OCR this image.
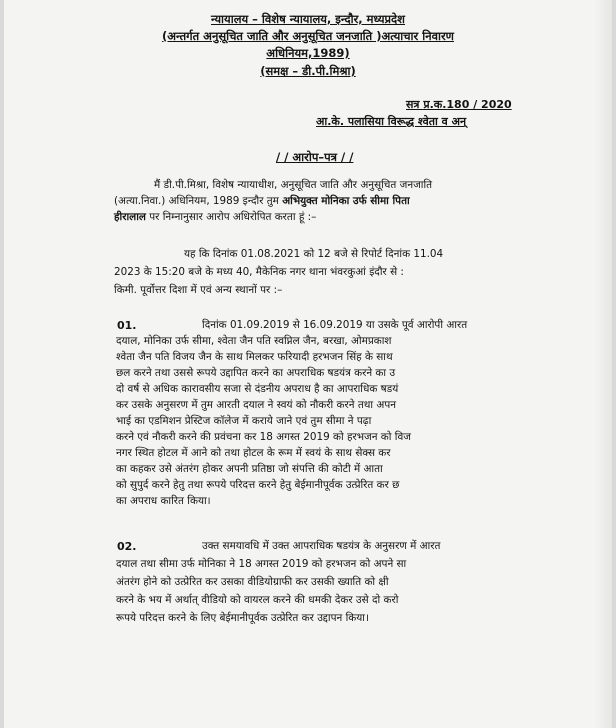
न्यायालय – विशेष न्यायालय, इन्दौर, मध्यप्रदेश
(अन्तर्गत अनुसूचित जाति और अनुसूचित जनजाति )अत्याचार निवारण
अधिनियम,1989)
(समक्ष – डी.पी.मिश्रा)
सत्र प्र.क.180 / 2020
आ.के. पलासिया विरूद्ध श्वेता व अन्
/ / आरोप–पत्र / /
मैं डी.पी.मिश्रा, विशेष न्यायाधीश, अनुसूचित जाति और अनुसूचित जनजाति
(अत्या.निवा.) अधिनियम, 1989 इन्दौर तुम अभियुक्त मोनिका उर्फ सीमा पिता
हीरालाल पर निम्नानुसार आरोप अधिरोपित करता हूं :–
यह कि दिनांक 01.08.2021 को 12 बजे से रिपोर्ट दिनांक 11.04
2023 के 15:20 बजे के मध्य 40, मैकेनिक नगर थाना भंवरकुआं इंदौर से :
किमी. पूर्वोत्तर दिशा में एवं अन्य स्थानों पर :–
01.	दिनांक 01.09.2019 से 16.09.2019 या उसके पूर्व आरोपी आरत
दयाल, मोनिका उर्फ सीमा, श्वेता जैन पति स्वप्निल जैन, बरखा, ओमप्रकाश
श्वेता जैन पति विजय जैन के साथ मिलकर फरियादी हरभजन सिंह के साथ
छल करने तथा उससे रूपये उद्दापित करने का अपराधिक षडयंत्र करने का उ
दो वर्ष से अधिक कारावसीय सजा से दंडनीय अपराध है का आपराधिक षडयं
कर उसके अनुसरण में तुम आरती दयाल ने स्वयं को नौकरी करने तथा अपन
भाई का एडमिशन प्रेस्टिज कॉलेज में कराये जाने एवं तुम सीमा ने पढ़ा
करने एवं नौकरी करने की प्रवंचना कर 18 अगस्त 2019 को हरभजन को विज
नगर स्थित होटल में आने को तथा होटल के रूम में स्वयं के साथ सेक्स कर
का कहकर उसे अंतरंग होकर अपनी प्रतिष्ठा जो संपत्ति की कोटी में आता
को सुपुर्द करने हेतु तथा रूपये परिदत्त करने हेतु बेईमानीपूर्वक उत्प्रेरित कर छ
का अपराध कारित किया।
02.	उक्त समयावधि में उक्त आपराधिक षडयंत्र के अनुसरण में आरत
दयाल तथा सीमा उर्फ मोनिका ने 18 अगस्त 2019 को हरभजन को अपने सा
अंतरंग होने को उत्प्रेरित कर उसका वीडियोग्राफी कर उसकी ख्याति को क्षी
करने के भय में अर्थात् वीडियो को वायरल करने की धमकी देकर उसे दो करो
रूपये परिदत्त करने के लिए बेईमानीपूर्वक उत्प्रेरित कर उद्दापन किया।
